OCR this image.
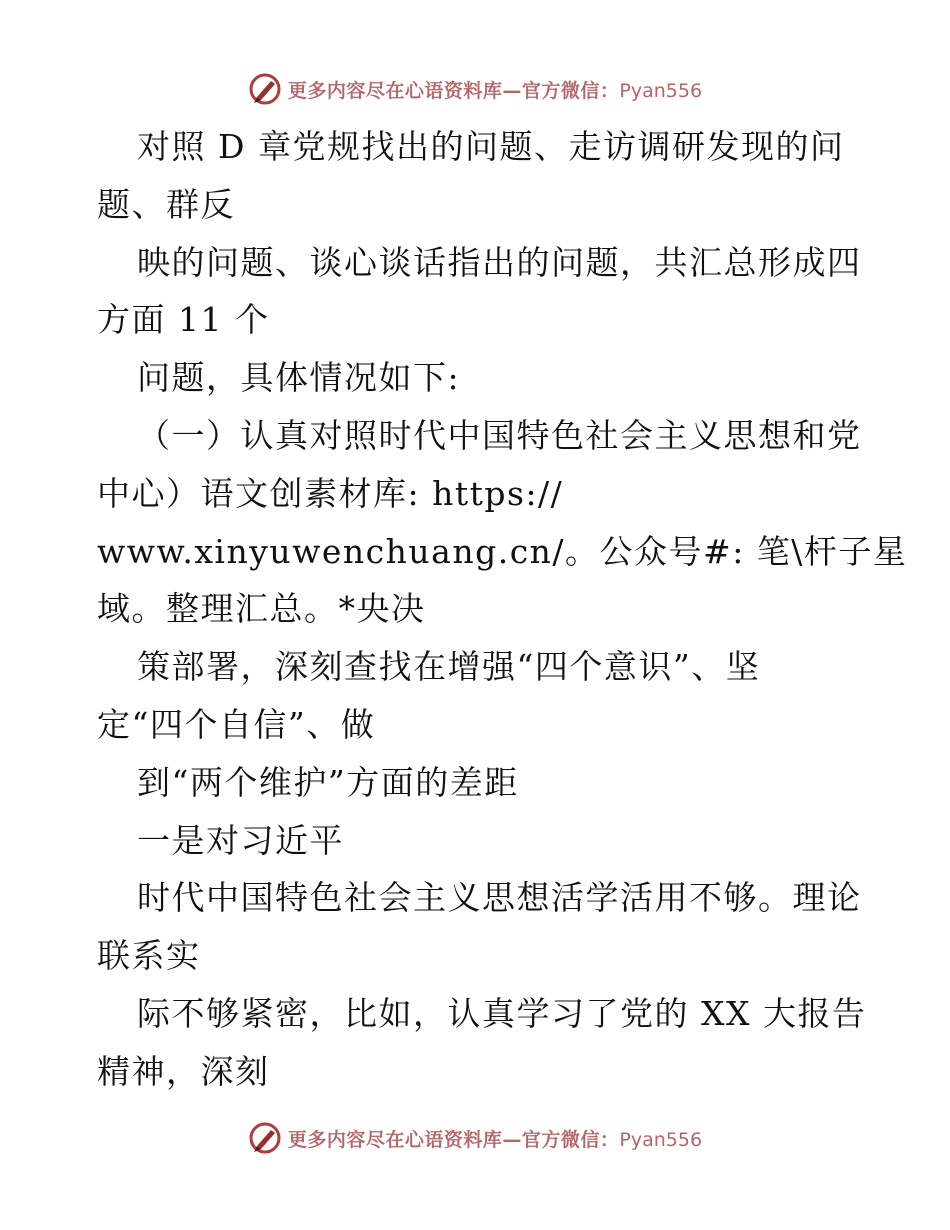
更多内容尽在心语资料库—官方微信：Pyan556
对照 D 章党规找出的问题、走访调研发现的问
题、群反
映的问题、谈心谈话指出的问题，共汇总形成四
方面 11 个
问题，具体情况如下:
（一）认真对照时代中国特色社会主义思想和党
中心）语文创素材库: https://
www.xinyuwenchuang.cn/。公众号#: 笔\杆子星
域。整理汇总。*央决
策部署，深刻查找在增强“四个意识”、坚
定“四个自信”、做
到“两个维护”方面的差距
一是对习近平
时代中国特色社会主义思想活学活用不够。理论
联系实
际不够紧密，比如，认真学习了党的 XX 大报告
精神，深刻
更多内容尽在心语资料库—官方微信：Pyan556
